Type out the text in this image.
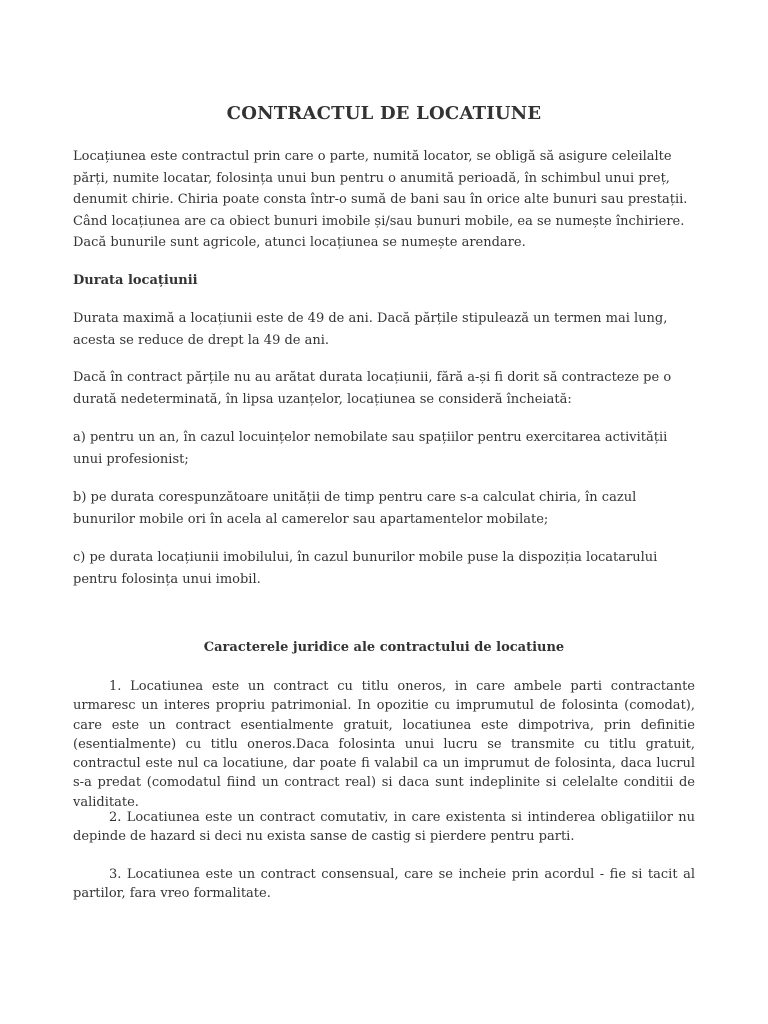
CONTRACTUL DE LOCATIUNE
Locațiunea este contractul prin care o parte, numită locator, se obligă să asigure celeilalte părți, numite locatar, folosința unui bun pentru o anumită perioadă, în schimbul unui preț, denumit chirie. Chiria poate consta într-o sumă de bani sau în orice alte bunuri sau prestații. Când locațiunea are ca obiect bunuri imobile și/sau bunuri mobile, ea se numește închiriere. Dacă bunurile sunt agricole, atunci locațiunea se numește arendare.
Durata locațiunii
Durata maximă a locațiunii este de 49 de ani. Dacă părțile stipulează un termen mai lung, acesta se reduce de drept la 49 de ani.
Dacă în contract părțile nu au arătat durata locațiunii, fără a-și fi dorit să contracteze pe o durată nedeterminată, în lipsa uzanțelor, locațiunea se consideră încheiată:
a) pentru un an, în cazul locuințelor nemobilate sau spațiilor pentru exercitarea activității unui profesionist;
b) pe durata corespunzătoare unității de timp pentru care s-a calculat chiria, în cazul bunurilor mobile ori în acela al camerelor sau apartamentelor mobilate;
c) pe durata locațiunii imobilului, în cazul bunurilor mobile puse la dispoziția locatarului pentru folosința unui imobil.
Caracterele juridice ale contractului de locatiune
1. Locatiunea este un contract cu titlu oneros, in care ambele parti contractante urmaresc un interes propriu patrimonial. In opozitie cu imprumutul de folosinta (comodat), care este un contract esentialmente gratuit, locatiunea este dimpotriva, prin definitie (esentialmente) cu titlu oneros.Daca folosinta unui lucru se transmite cu titlu gratuit, contractul este nul ca locatiune, dar poate fi valabil ca un imprumut de folosinta, daca lucrul s-a predat (comodatul fiind un contract real) si daca sunt indeplinite si celelalte conditii de validitate.
2. Locatiunea este un contract comutativ, in care existenta si intinderea obligatiilor nu depinde de hazard si deci nu exista sanse de castig si pierdere pentru parti.
3. Locatiunea este un contract consensual, care se incheie prin acordul - fie si tacit al partilor, fara vreo formalitate.
